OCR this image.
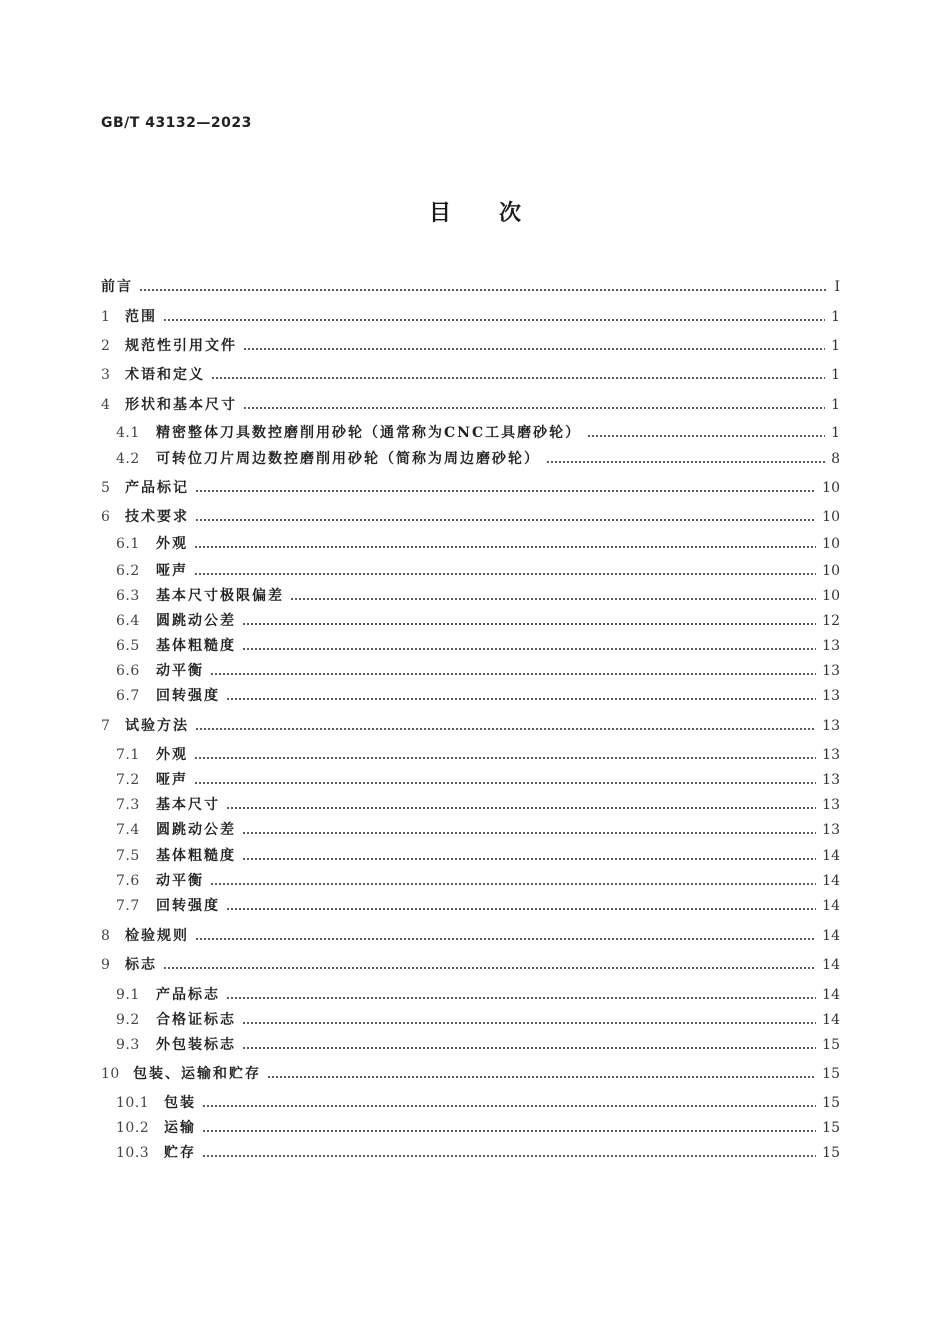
GB/T 43132—2023
目次
前言	I
1	范围	1
2	规范性引用文件	1
3	术语和定义	1
4	形状和基本尺寸	1
4.1	精密整体刀具数控磨削用砂轮（通常称为CNC工具磨砂轮）	1
4.2	可转位刀片周边数控磨削用砂轮（简称为周边磨砂轮）	8
5	产品标记	10
6	技术要求	10
6.1	外观	10
6.2	哑声	10
6.3	基本尺寸极限偏差	10
6.4	圆跳动公差	12
6.5	基体粗糙度	13
6.6	动平衡	13
6.7	回转强度	13
7	试验方法	13
7.1	外观	13
7.2	哑声	13
7.3	基本尺寸	13
7.4	圆跳动公差	13
7.5	基体粗糙度	14
7.6	动平衡	14
7.7	回转强度	14
8	检验规则	14
9	标志	14
9.1	产品标志	14
9.2	合格证标志	14
9.3	外包装标志	15
10 包装、运输和贮存	15
10.1	包装	15
10.2	运输	15
10.3	贮存	15
